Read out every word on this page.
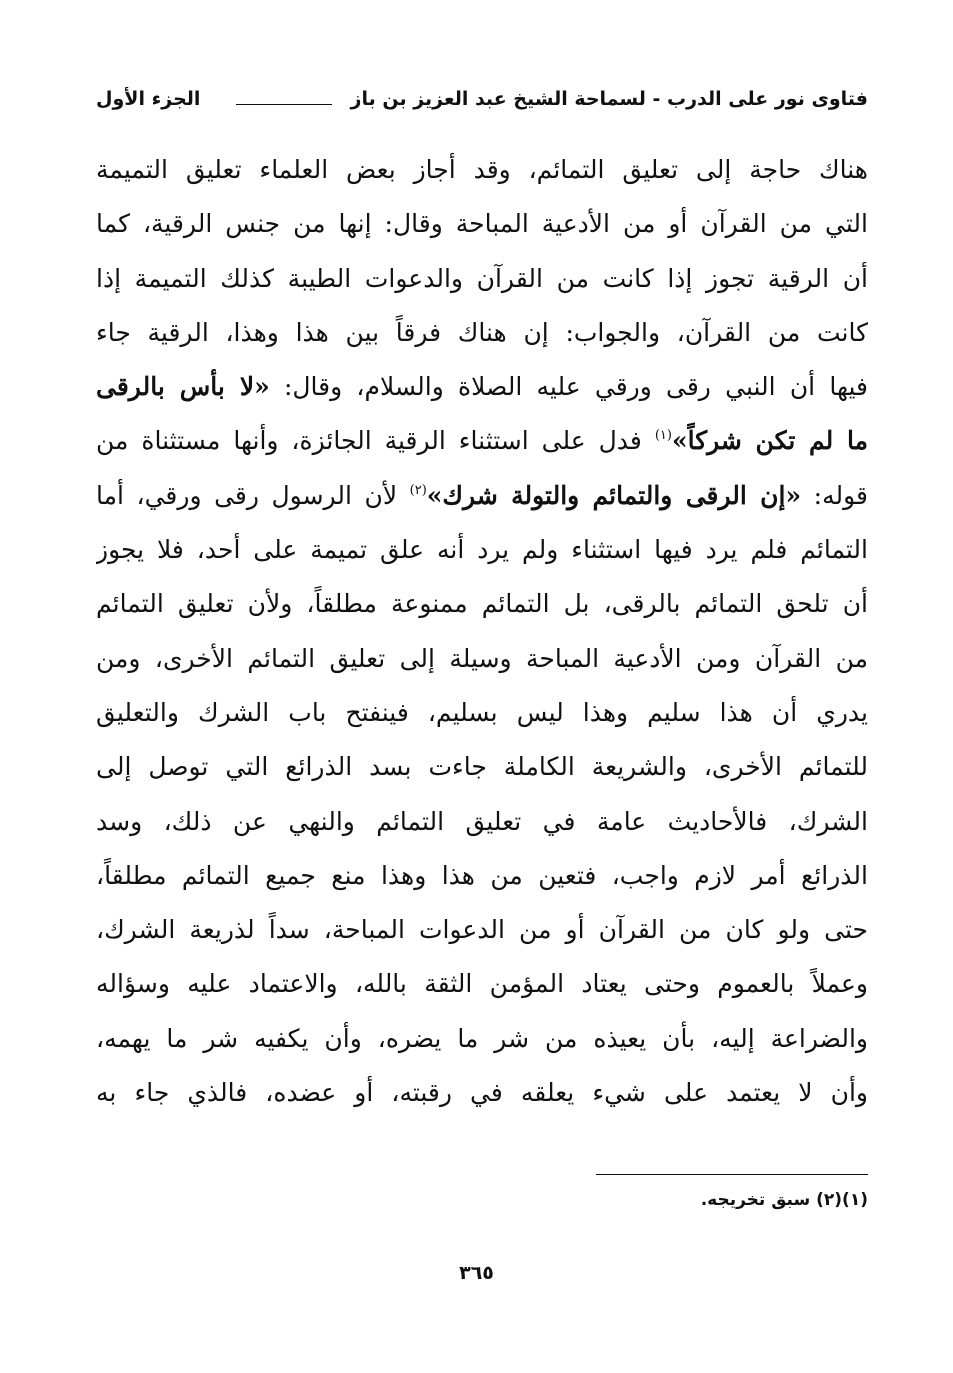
فتاوى نور على الدرب - لسماحة الشيخ عبد العزيز بن باز
الجزء الأول
هناك حاجة إلى تعليق التمائم، وقد أجاز بعض العلماء تعليق التميمة
التي من القرآن أو من الأدعية المباحة وقال: إنها من جنس الرقية، كما
أن الرقية تجوز إذا كانت من القرآن والدعوات الطيبة كذلك التميمة إذا
كانت من القرآن، والجواب: إن هناك فرقاً بين هذا وهذا، الرقية جاء
فيها أن النبي رقى ورقي عليه الصلاة والسلام، وقال: «لا بأس بالرقى
ما لم تكن شركاً»$^{(١)}$ فدل على استثناء الرقية الجائزة، وأنها مستثناة من
قوله: «إن الرقى والتمائم والتولة شرك»$^{(٢)}$ لأن الرسول رقى ورقي، أما
التمائم فلم يرد فيها استثناء ولم يرد أنه علق تميمة على أحد، فلا يجوز
أن تلحق التمائم بالرقى، بل التمائم ممنوعة مطلقاً، ولأن تعليق التمائم
من القرآن ومن الأدعية المباحة وسيلة إلى تعليق التمائم الأخرى، ومن
يدري أن هذا سليم وهذا ليس بسليم، فينفتح باب الشرك والتعليق
للتمائم الأخرى، والشريعة الكاملة جاءت بسد الذرائع التي توصل إلى
الشرك، فالأحاديث عامة في تعليق التمائم والنهي عن ذلك، وسد
الذرائع أمر لازم واجب، فتعين من هذا وهذا منع جميع التمائم مطلقاً،
حتى ولو كان من القرآن أو من الدعوات المباحة، سداً لذريعة الشرك،
وعملاً بالعموم وحتى يعتاد المؤمن الثقة بالله، والاعتماد عليه وسؤاله
والضراعة إليه، بأن يعيذه من شر ما يضره، وأن يكفيه شر ما يهمه،
وأن لا يعتمد على شيء يعلقه في رقبته، أو عضده، فالذي جاء به
(١)(٢) سبق تخريجه.
٣٦٥
